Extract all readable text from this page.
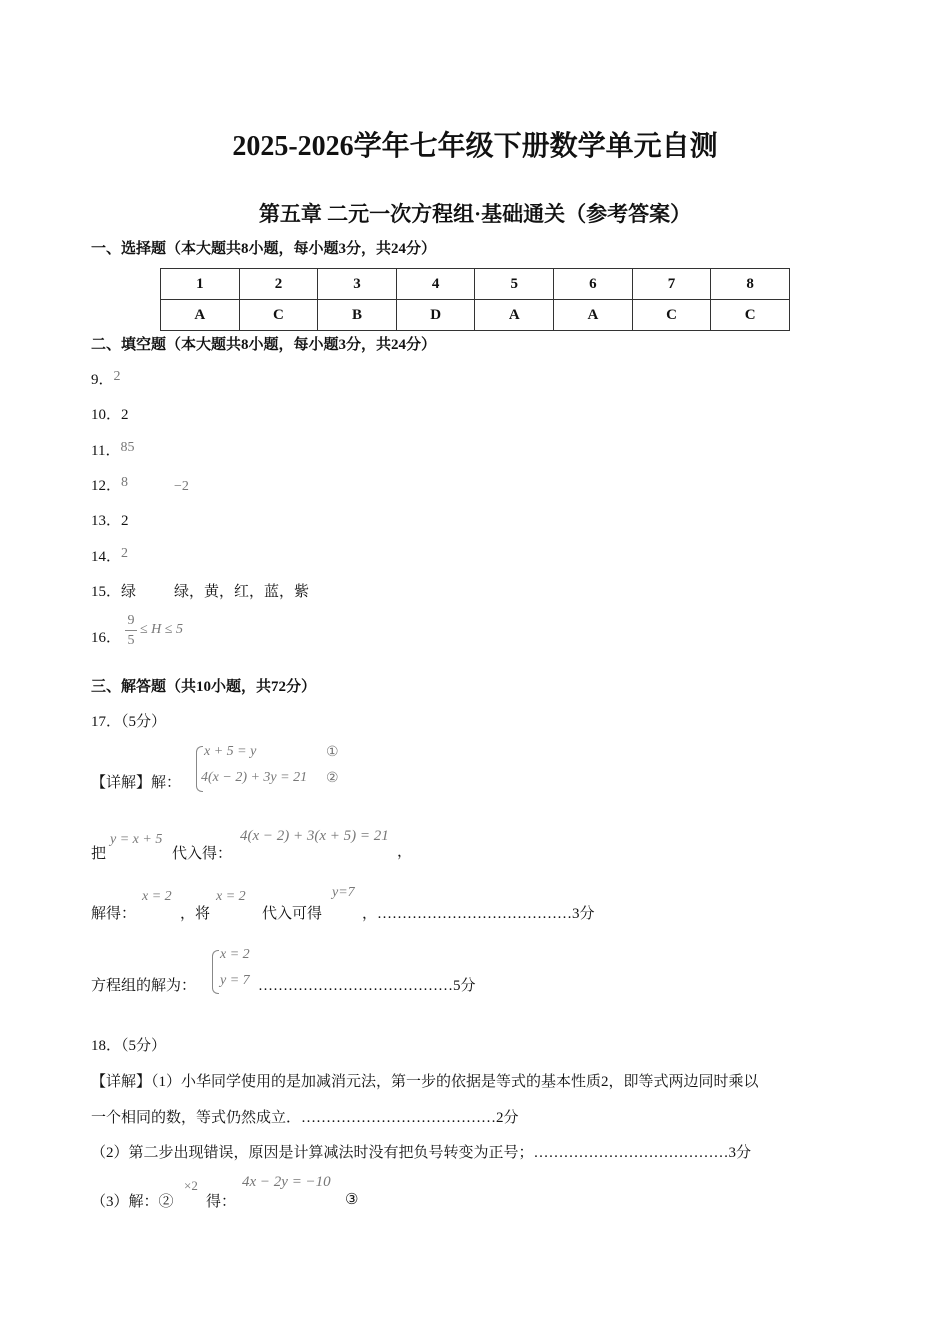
2025-2026学年七年级下册数学单元自测
第五章 二元一次方程组·基础通关（参考答案）
一、选择题（本大题共8小题，每小题3分，共24分）
1	2	3	4	5	6	7	8
A	C	B	D	A	A	C	C
二、填空题（本大题共8小题，每小题3分，共24分）
9．2
10．2
11．85
12．8	−2
13．2
14．2
15．绿	绿，黄，红，蓝，紫
16．
9
5
≤ H ≤ 5
三、解答题（共10小题，共72分）
17．（5分）
【详解】解：
x + 5 = y	①
4(x − 2) + 3y = 21 ②
把
y = x + 5
代入得：
4(x − 2) + 3(x + 5) = 21
，
解得：
x = 2
，将
x = 2
代入可得
y=7
，…………………………………3分
方程组的解为：
x = 2
y = 7 …………………………………5分
18．（5分）
【详解】（1）小华同学使用的是加减消元法，第一步的依据是等式的基本性质2，即等式两边同时乘以
一个相同的数，等式仍然成立．…………………………………2分
（2）第二步出现错误，原因是计算减法时没有把负号转变为正号；…………………………………3分
（3）解：②
×2
得：
4x − 2y = −10
③
